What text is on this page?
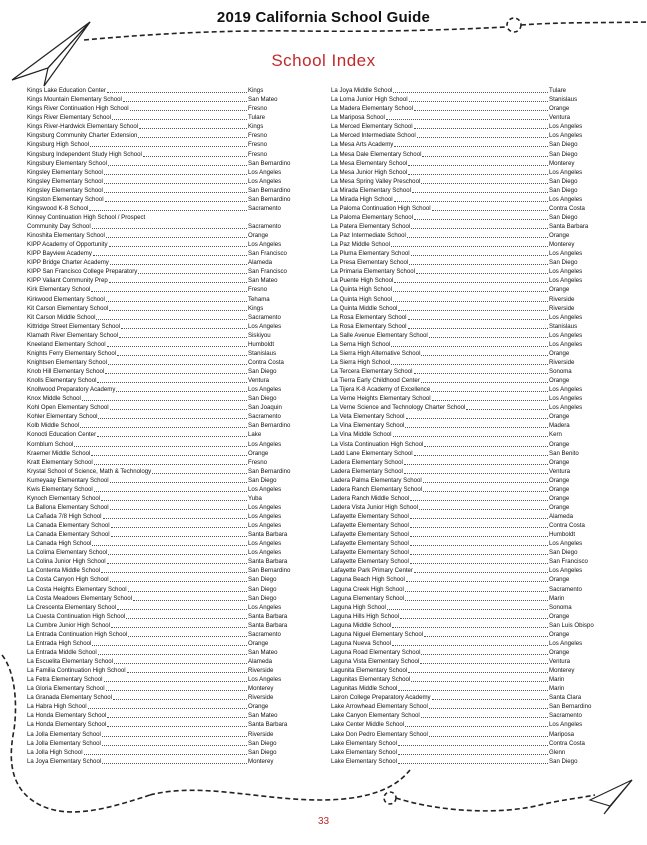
2019 California School Guide
School Index
Kings Lake Education Center	Kings
Kings Mountain Elementary School	San Mateo
Kings River Continuation High School	Fresno
Kings River Elementary School	Tulare
Kings River-Hardwick Elementary School	Kings
Kingsburg Community Charter Extension	Fresno
Kingsburg High School	Fresno
Kingsburg Independent Study High School	Fresno
Kingsbury Elementary School	San Bernardino
Kingsley Elementary School	Los Angeles
Kingsley Elementary School	Los Angeles
Kingsley Elementary School	San Bernardino
Kingston Elementary School	San Bernardino
Kingswood K-8 School	Sacramento
Kinney Continuation High School / Prospect
Community Day School	Sacramento
Kinoshita Elementary School	Orange
KIPP Academy of Opportunity	Los Angeles
KIPP Bayview Academy	San Francisco
KIPP Bridge Charter Academy	Alameda
KIPP San Francisco College Preparatory	San Francisco
KIPP Valiant Community Prep	San Mateo
Kirk Elementary School	Fresno
Kirkwood Elementary School	Tehama
Kit Carson Elementary School	Kings
Kit Carson Middle School	Sacramento
Kittridge Street Elementary School	Los Angeles
Klamath River Elementary School	Siskiyou
Kneeland Elementary School	Humboldt
Knights Ferry Elementary School	Stanislaus
Knightsen Elementary School	Contra Costa
Knob Hill Elementary School	San Diego
Knolls Elementary School	Ventura
Knollwood Preparatory Academy	Los Angeles
Knox Middle School	San Diego
Kohl Open Elementary School	San Joaquin
Kohler Elementary School	Sacramento
Kolb Middle School	San Bernardino
Konocti Education Center	Lake
Kornblum School	Los Angeles
Kraemer Middle School	Orange
Kratt Elementary School	Fresno
Krystal School of Science, Math & Technology	San Bernardino
Kumeyaay Elementary School	San Diego
Kwis Elementary School	Los Angeles
Kynoch Elementary School	Yuba
La Ballona Elementary School	Los Angeles
La Cañada 7/8 High School	Los Angeles
La Canada Elementary School	Los Angeles
La Canada Elementary School	Santa Barbara
La Canada High School	Los Angeles
La Colima Elementary School	Los Angeles
La Colina Junior High School	Santa Barbara
La Contenta Middle School	San Bernardino
La Costa Canyon High School	San Diego
La Costa Heights Elementary School	San Diego
La Costa Meadows Elementary School	San Diego
La Crescenta Elementary School	Los Angeles
La Cuesta Continuation High School	Santa Barbara
La Cumbre Junior High School	Santa Barbara
La Entrada Continuation High School	Sacramento
La Entrada High School	Orange
La Entrada Middle School	San Mateo
La Escuelita Elementary School	Alameda
La Familia Continuation High School	Riverside
La Fetra Elementary School	Los Angeles
La Gloria Elementary School	Monterey
La Granada Elementary School	Riverside
La Habra High School	Orange
La Honda Elementary School	San Mateo
La Honda Elementary School	Santa Barbara
La Jolla Elementary School	Riverside
La Jolla Elementary School	San Diego
La Jolla High School	San Diego
La Joya Elementary School	Monterey
La Joya Middle School	Tulare
La Loma Junior High School	Stanislaus
La Madera Elementary School	Orange
La Mariposa School	Ventura
La Merced Elementary School	Los Angeles
La Merced Intermediate School	Los Angeles
La Mesa Arts Academy	San Diego
La Mesa Dale Elementary School	San Diego
La Mesa Elementary School	Monterey
La Mesa Junior High School	Los Angeles
La Mesa Spring Valley Preschool	San Diego
La Mirada Elementary School	San Diego
La Mirada High School	Los Angeles
La Paloma Continuation High School	Contra Costa
La Paloma Elementary School	San Diego
La Patera Elementary School	Santa Barbara
La Paz Intermediate School	Orange
La Paz Middle School	Monterey
La Pluma Elementary School	Los Angeles
La Presa Elementary School	San Diego
La Primaria Elementary School	Los Angeles
La Puente High School	Los Angeles
La Quinta High School	Orange
La Quinta High School	Riverside
La Quinta Middle School	Riverside
La Rosa Elementary School	Los Angeles
La Rosa Elementary School	Stanislaus
La Salle Avenue Elementary School	Los Angeles
La Serna High School	Los Angeles
La Sierra High Alternative School	Orange
La Sierra High School	Riverside
La Tercera Elementary School	Sonoma
La Tierra Early Childhood Center	Orange
La Tijera K-8 Academy of Excellence	Los Angeles
La Verne Heights Elementary School	Los Angeles
La Verne Science and Technology Charter School	Los Angeles
La Veta Elementary School	Orange
La Vina Elementary School	Madera
La Vina Middle School	Kern
La Vista Continuation High School	Orange
Ladd Lane Elementary School	San Benito
Ladera Elementary School	Orange
Ladera Elementary School	Ventura
Ladera Palma Elementary School	Orange
Ladera Ranch Elementary School	Orange
Ladera Ranch Middle School	Orange
Ladera Vista Junior High School	Orange
Lafayette Elementary School	Alameda
Lafayette Elementary School	Contra Costa
Lafayette Elementary School	Humboldt
Lafayette Elementary School	Los Angeles
Lafayette Elementary School	San Diego
Lafayette Elementary School	San Francisco
Lafayette Park Primary Center	Los Angeles
Laguna Beach High School	Orange
Laguna Creek High School	Sacramento
Laguna Elementary School	Marin
Laguna High School	Sonoma
Laguna Hills High School	Orange
Laguna Middle School	San Luis Obispo
Laguna Niguel Elementary School	Orange
Laguna Nueva School	Los Angeles
Laguna Road Elementary School	Orange
Laguna Vista Elementary School	Ventura
Lagunita Elementary School	Monterey
Lagunitas Elementary School	Marin
Lagunitas Middle School	Marin
Lairon College Preparatory Academy	Santa Clara
Lake Arrowhead Elementary School	San Bernardino
Lake Canyon Elementary School	Sacramento
Lake Center Middle School	Los Angeles
Lake Don Pedro Elementary School	Mariposa
Lake Elementary School	Contra Costa
Lake Elementary School	Glenn
Lake Elementary School	San Diego
33
